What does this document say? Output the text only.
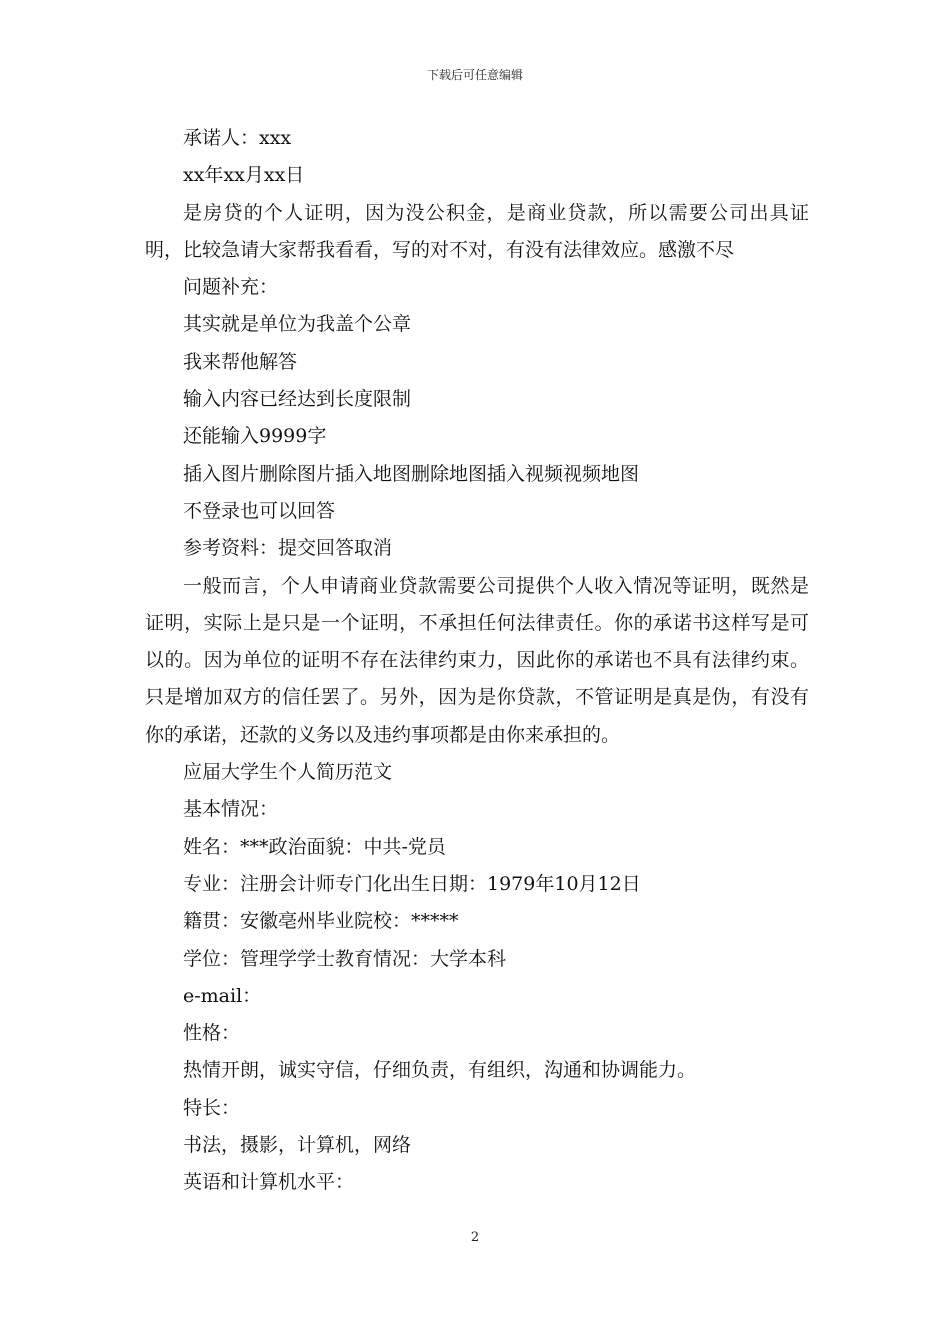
下载后可任意编辑

承诺人：xxx

xx年xx月xx日

是房贷的个人证明，因为没公积金，是商业贷款，所以需要公司出具证明，比较急请大家帮我看看，写的对不对，有没有法律效应。感激不尽

问题补充：

其实就是单位为我盖个公章

我来帮他解答

输入内容已经达到长度限制

还能输入9999字

插入图片删除图片插入地图删除地图插入视频视频地图

不登录也可以回答

参考资料：提交回答取消

一般而言，个人申请商业贷款需要公司提供个人收入情况等证明，既然是证明，实际上是只是一个证明，不承担任何法律责任。你的承诺书这样写是可以的。因为单位的证明不存在法律约束力，因此你的承诺也不具有法律约束。只是增加双方的信任罢了。另外，因为是你贷款，不管证明是真是伪，有没有你的承诺，还款的义务以及违约事项都是由你来承担的。

应届大学生个人简历范文

基本情况：

姓名：***政治面貌：中共-党员

专业：注册会计师专门化出生日期：1979年10月12日

籍贯：安徽亳州毕业院校：*****

学位：管理学学士教育情况：大学本科

e-mail：

性格：

热情开朗，诚实守信，仔细负责，有组织，沟通和协调能力。

特长：

书法，摄影，计算机，网络

英语和计算机水平：

2
